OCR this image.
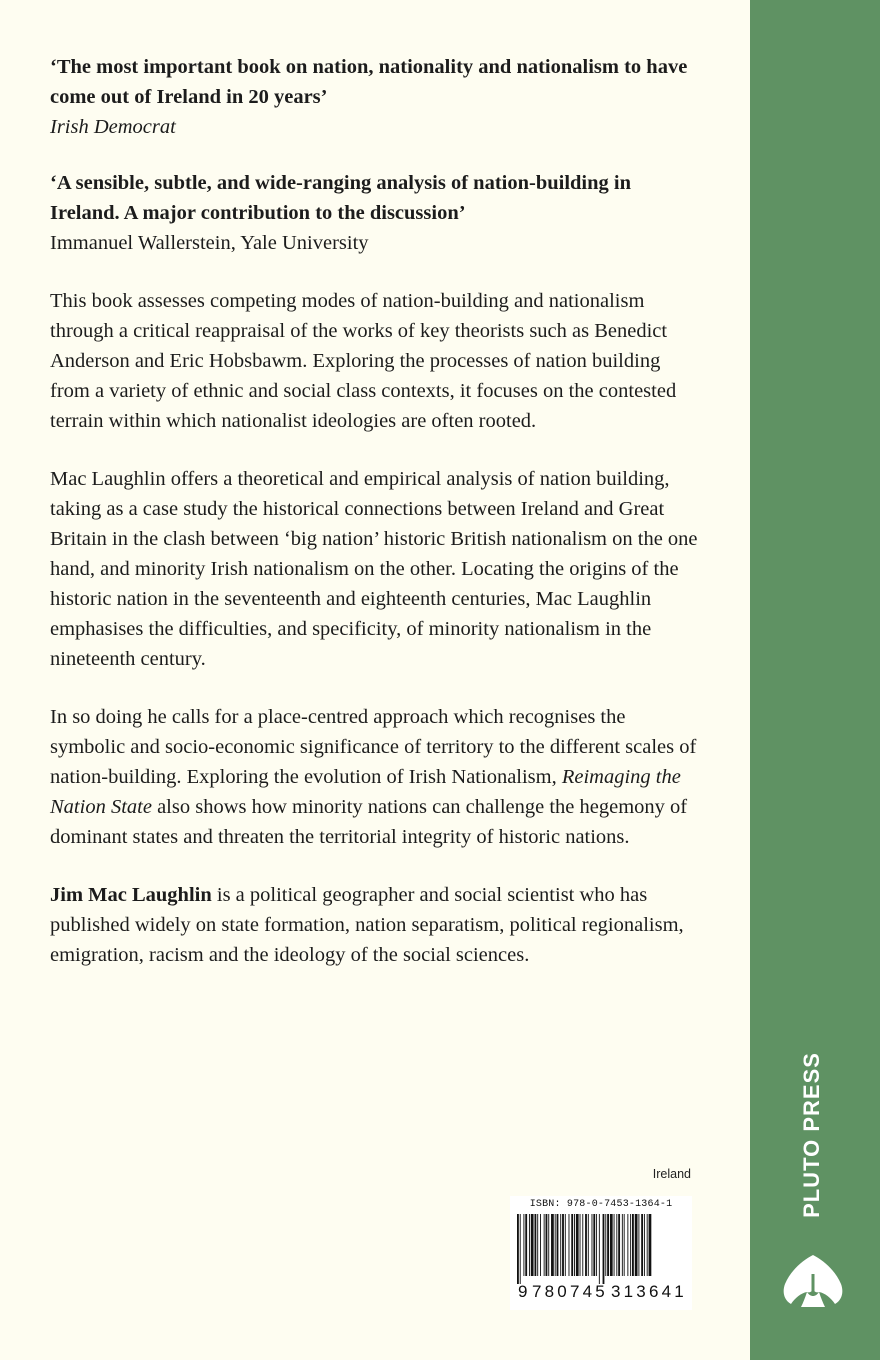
‘The most important book on nation, nationality and nationalism to have come out of Ireland in 20 years’
Irish Democrat

‘A sensible, subtle, and wide-ranging analysis of nation-building in Ireland. A major contribution to the discussion’
Immanuel Wallerstein, Yale University

This book assesses competing modes of nation-building and nationalism through a critical reappraisal of the works of key theorists such as Benedict Anderson and Eric Hobsbawm. Exploring the processes of nation building from a variety of ethnic and social class contexts, it focuses on the contested terrain within which nationalist ideologies are often rooted.

Mac Laughlin offers a theoretical and empirical analysis of nation building, taking as a case study the historical connections between Ireland and Great Britain in the clash between ‘big nation’ historic British nationalism on the one hand, and minority Irish nationalism on the other. Locating the origins of the historic nation in the seventeenth and eighteenth centuries, Mac Laughlin emphasises the difficulties, and specificity, of minority nationalism in the nineteenth century.

In so doing he calls for a place-centred approach which recognises the symbolic and socio-economic significance of territory to the different scales of nation-building. Exploring the evolution of Irish Nationalism, Reimaging the Nation State also shows how minority nations can challenge the hegemony of dominant states and threaten the territorial integrity of historic nations.

Jim Mac Laughlin is a political geographer and social scientist who has published widely on state formation, nation separatism, political regionalism, emigration, racism and the ideology of the social sciences.

Ireland
ISBN: 978-0-7453-1364-1
9 780745 313641
PLUTO PRESS
